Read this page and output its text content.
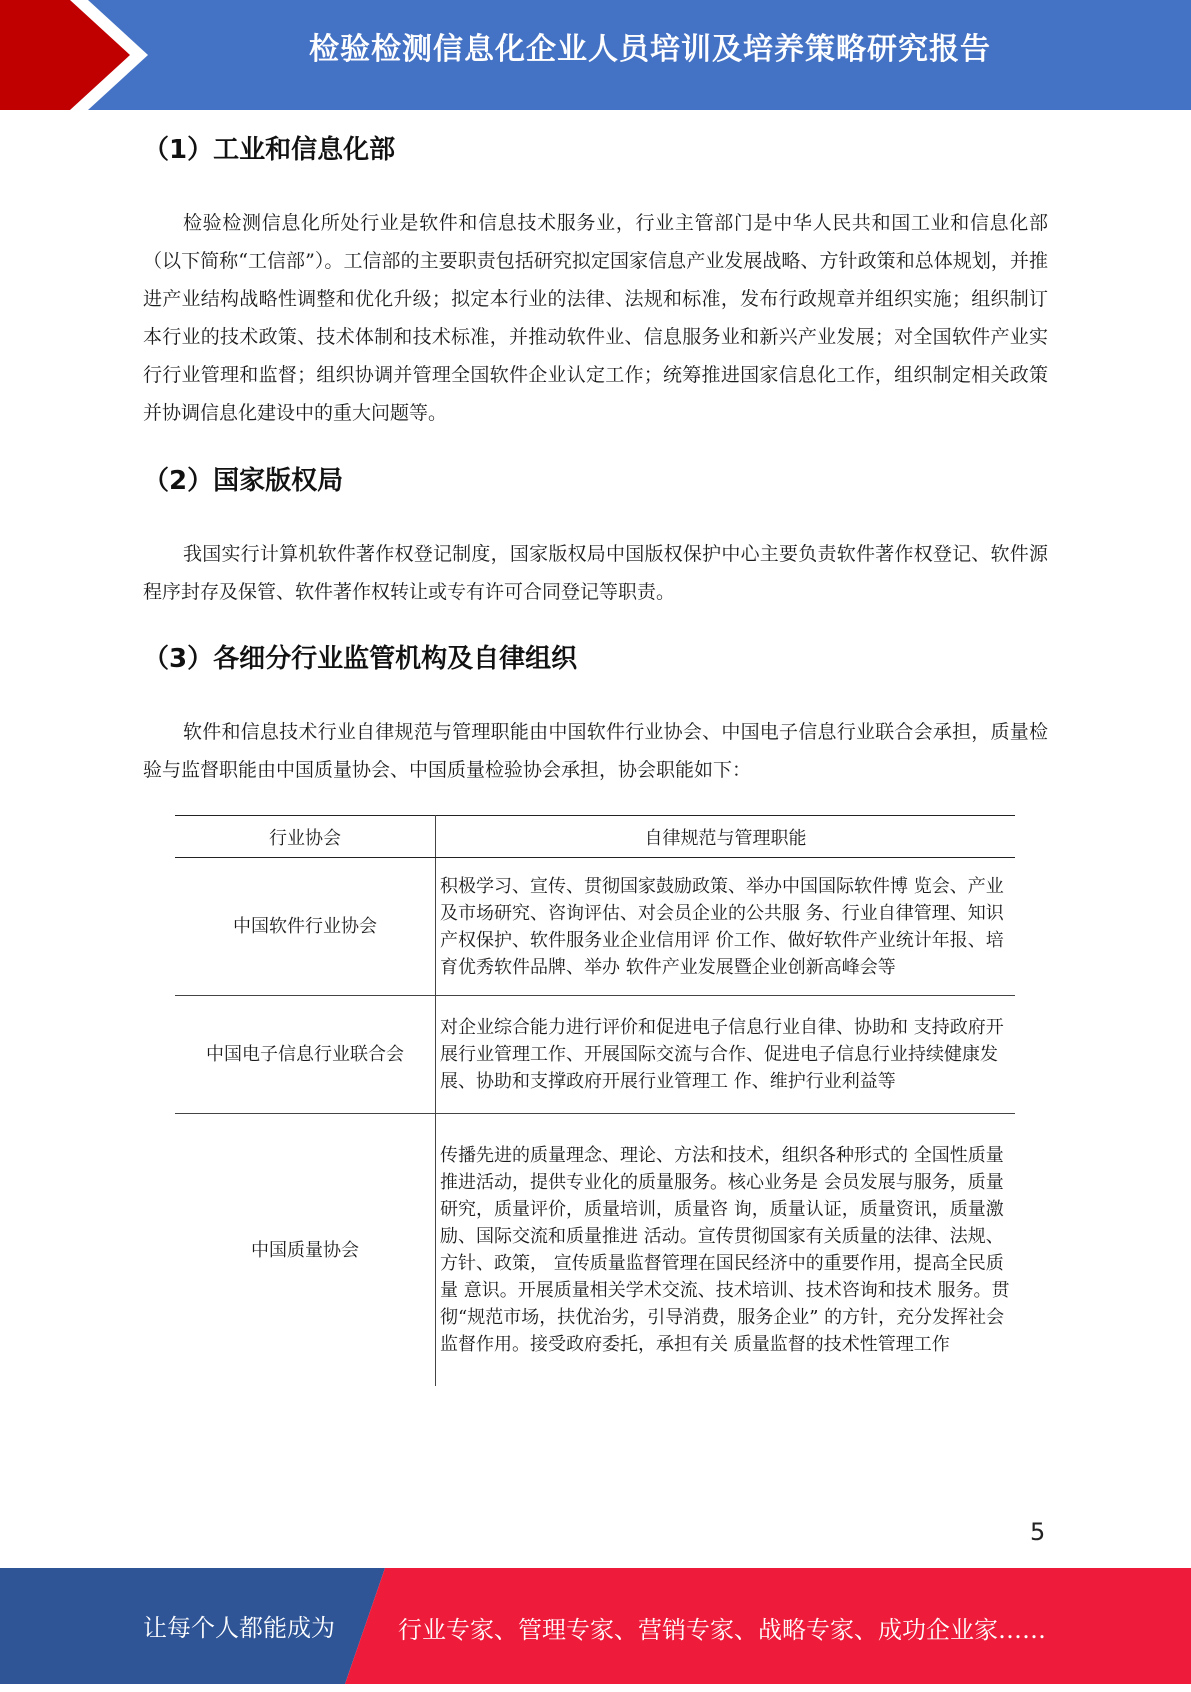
检验检测信息化企业人员培训及培养策略研究报告
（1）工业和信息化部

检验检测信息化所处行业是软件和信息技术服务业，行业主管部门是中华人民共和国工业和信息化部（以下简称“工信部”）。工信部的主要职责包括研究拟定国家信息产业发展战略、方针政策和总体规划，并推进产业结构战略性调整和优化升级；拟定本行业的法律、法规和标准，发布行政规章并组织实施；组织制订本行业的技术政策、技术体制和技术标准，并推动软件业、信息服务业和新兴产业发展；对全国软件产业实行行业管理和监督；组织协调并管理全国软件企业认定工作；统筹推进国家信息化工作，组织制定相关政策并协调信息化建设中的重大问题等。

（2）国家版权局

我国实行计算机软件著作权登记制度，国家版权局中国版权保护中心主要负责软件著作权登记、软件源程序封存及保管、软件著作权转让或专有许可合同登记等职责。

（3）各细分行业监管机构及自律组织

软件和信息技术行业自律规范与管理职能由中国软件行业协会、中国电子信息行业联合会承担，质量检验与监督职能由中国质量协会、中国质量检验协会承担，协会职能如下：

行业协会	自律规范与管理职能
中国软件行业协会	积极学习、宣传、贯彻国家鼓励政策、举办中国国际软件博 览会、产业及市场研究、咨询评估、对会员企业的公共服 务、行业自律管理、知识产权保护、软件服务业企业信用评 价工作、做好软件产业统计年报、培育优秀软件品牌、举办 软件产业发展暨企业创新高峰会等
中国电子信息行业联合会	对企业综合能力进行评价和促进电子信息行业自律、协助和 支持政府开展行业管理工作、开展国际交流与合作、促进电子信息行业持续健康发展、协助和支撑政府开展行业管理工 作、维护行业利益等
中国质量协会	传播先进的质量理念、理论、方法和技术，组织各种形式的 全国性质量推进活动，提供专业化的质量服务。核心业务是 会员发展与服务，质量研究，质量评价，质量培训，质量咨 询，质量认证，质量资讯，质量激励、国际交流和质量推进 活动。宣传贯彻国家有关质量的法律、法规、方针、政策， 宣传质量监督管理在国民经济中的重要作用，提高全民质量 意识。开展质量相关学术交流、技术培训、技术咨询和技术 服务。贯彻“规范市场，扶优治劣，引导消费，服务企业” 的方针，充分发挥社会监督作用。接受政府委托，承担有关 质量监督的技术性管理工作
5
让每个人都能成为	行业专家、管理专家、营销专家、战略专家、成功企业家……
